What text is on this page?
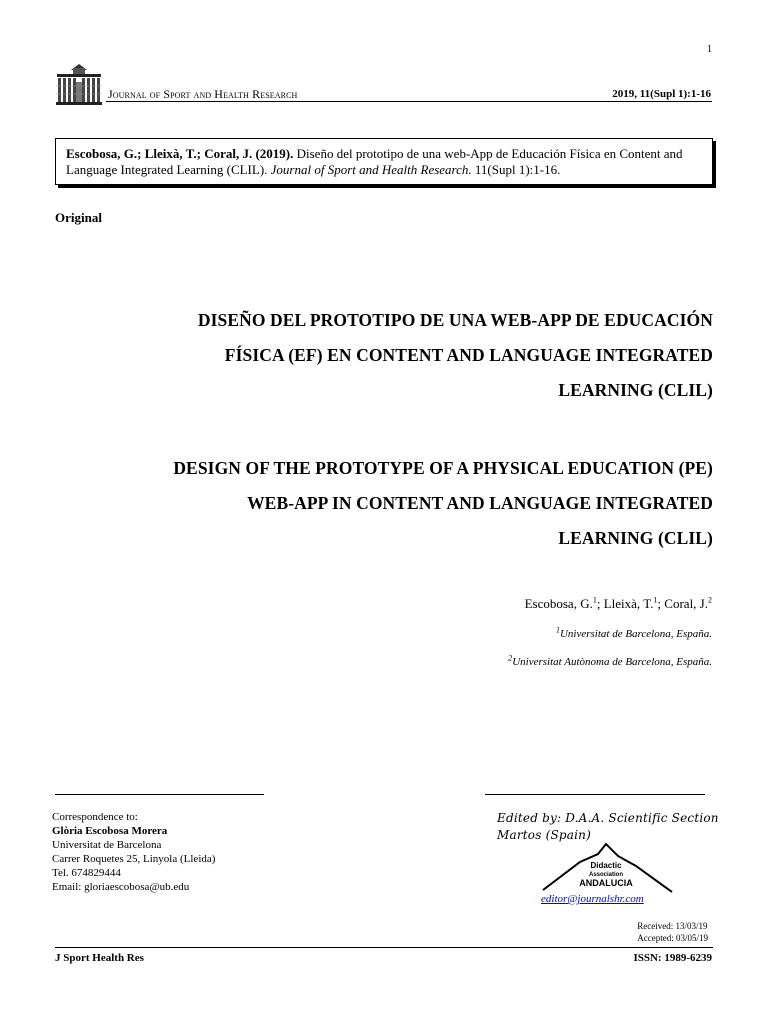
1
Journal of Sport and Health Research	2019, 11(Supl 1):1-16
Escobosa, G.; Lleixà, T.; Coral, J. (2019). Diseño del prototipo de una web-App de Educación Física en Content and Language Integrated Learning (CLIL). Journal of Sport and Health Research. 11(Supl 1):1-16.
Original
DISEÑO DEL PROTOTIPO DE UNA WEB-APP DE EDUCACIÓN
FÍSICA (EF) EN CONTENT AND LANGUAGE INTEGRATED
LEARNING (CLIL)
DESIGN OF THE PROTOTYPE OF A PHYSICAL EDUCATION (PE)
WEB-APP IN CONTENT AND LANGUAGE INTEGRATED
LEARNING (CLIL)
Escobosa, G.$^1$; Lleixà, T.$^1$; Coral, J.$^2$
$^1$Universitat de Barcelona, España.
$^2$Universitat Autònoma de Barcelona, España.
Correspondence to:
Glòria Escobosa Morera
Universitat de Barcelona
Carrer Roquetes 25, Linyola (Lleida)
Tel. 674829444
Email: gloriaescobosa@ub.edu
Edited by: D.A.A. Scientific Section
Martos (Spain)
Didactic
Association
ANDALUCIA
editor@journalshr.com
Received: 13/03/19
Accepted: 03/05/19
J Sport Health Res	ISSN: 1989-6239
